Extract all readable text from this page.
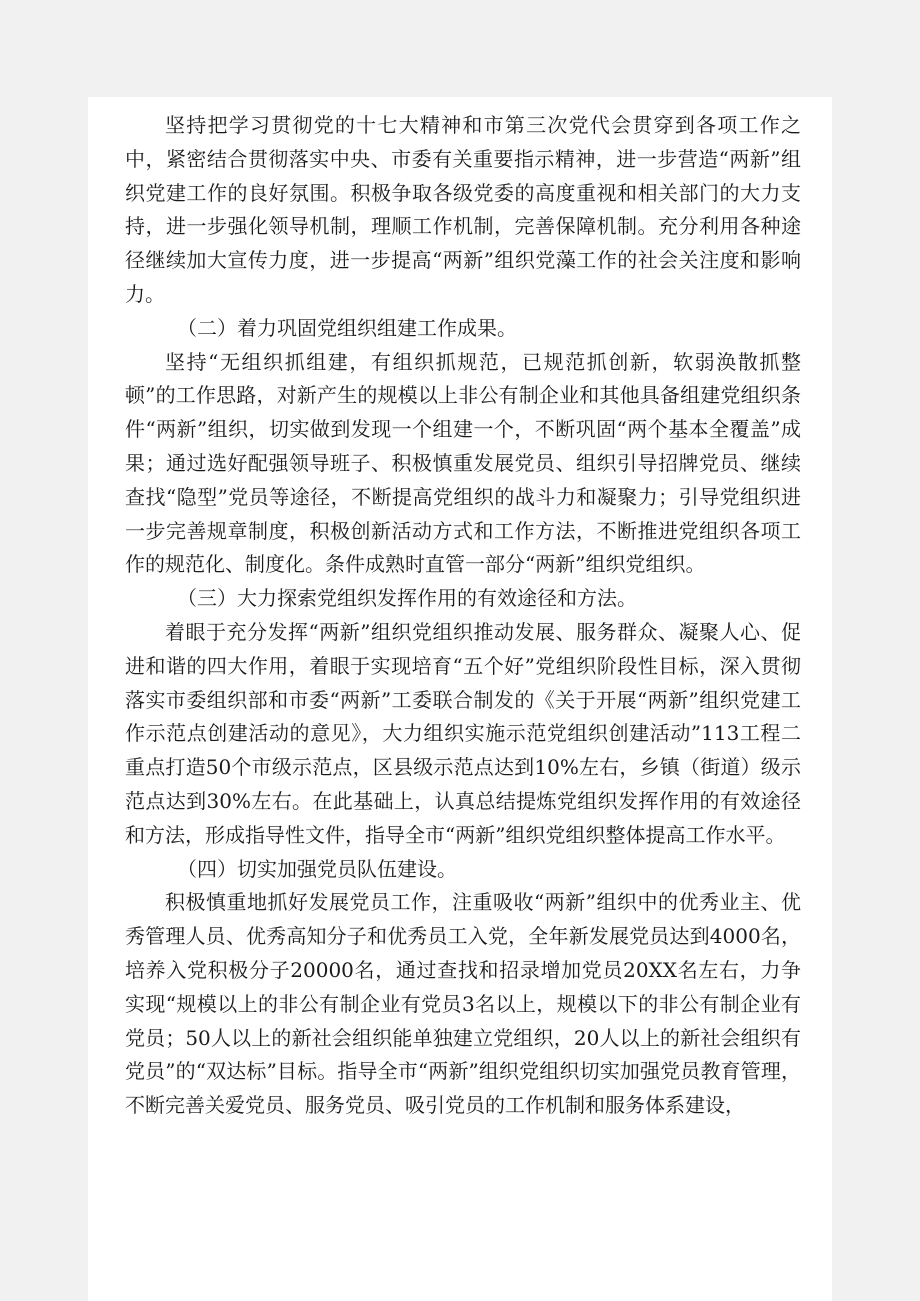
坚持把学习贯彻党的十七大精神和市第三次党代会贯穿到各项工作之中，紧密结合贯彻落实中央、市委有关重要指示精神，进一步营造“两新”组织党建工作的良好氛围。积极争取各级党委的高度重视和相关部门的大力支持，进一步强化领导机制，理顺工作机制，完善保障机制。充分利用各种途径继续加大宣传力度，进一步提高“两新”组织党藻工作的社会关注度和影响力。

（二）着力巩固党组织组建工作成果。

坚持“无组织抓组建，有组织抓规范，已规范抓创新，软弱涣散抓整顿”的工作思路，对新产生的规模以上非公有制企业和其他具备组建党组织条件“两新”组织，切实做到发现一个组建一个，不断巩固“两个基本全覆盖”成果；通过选好配强领导班子、积极慎重发展党员、组织引导招牌党员、继续查找“隐型”党员等途径，不断提高党组织的战斗力和凝聚力；引导党组织进一步完善规章制度，积极创新活动方式和工作方法，不断推进党组织各项工作的规范化、制度化。条件成熟时直管一部分“两新”组织党组织。

（三）大力探索党组织发挥作用的有效途径和方法。

着眼于充分发挥“两新”组织党组织推动发展、服务群众、凝聚人心、促进和谐的四大作用，着眼于实现培育“五个好”党组织阶段性目标，深入贯彻落实市委组织部和市委“两新”工委联合制发的《关于开展“两新”组织党建工作示范点创建活动的意见》，大力组织实施示范党组织创建活动”113工程二重点打造50个市级示范点，区县级示范点达到10%左右，乡镇（街道）级示范点达到30%左右。在此基础上，认真总结提炼党组织发挥作用的有效途径和方法，形成指导性文件，指导全市“两新”组织党组织整体提高工作水平。

（四）切实加强党员队伍建设。

积极慎重地抓好发展党员工作，注重吸收“两新”组织中的优秀业主、优秀管理人员、优秀高知分子和优秀员工入党，全年新发展党员达到4000名，培养入党积极分子20000名，通过查找和招录增加党员20XX名左右，力争实现“规模以上的非公有制企业有党员3名以上，规模以下的非公有制企业有党员；50人以上的新社会组织能单独建立党组织，20人以上的新社会组织有党员”的“双达标”目标。指导全市“两新”组织党组织切实加强党员教育管理，不断完善关爱党员、服务党员、吸引党员的工作机制和服务体系建设，
